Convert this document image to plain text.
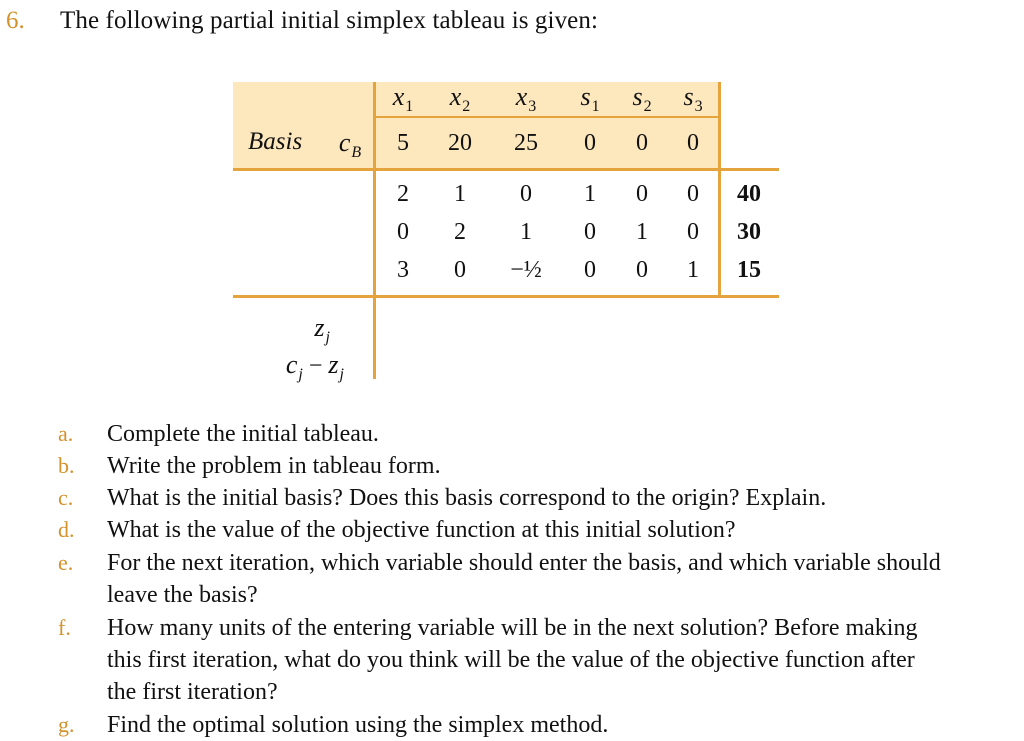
6. The following partial initial simplex tableau is given:
$x_1$	$x_2$	$x_3$	$s_1$	$s_2$	$s_3$
Basis	$c_B$	5	20	25	0	0	0
2	1	0	1	0	0	40
0	2	1	0	1	0	30
3	0	−½	0	0	1	15
$z_j$
$c_j - z_j$
a. Complete the initial tableau.
b. Write the problem in tableau form.
c. What is the initial basis? Does this basis correspond to the origin? Explain.
d. What is the value of the objective function at this initial solution?
e. For the next iteration, which variable should enter the basis, and which variable should
leave the basis?
f. How many units of the entering variable will be in the next solution? Before making
this first iteration, what do you think will be the value of the objective function after
the first iteration?
g. Find the optimal solution using the simplex method.
